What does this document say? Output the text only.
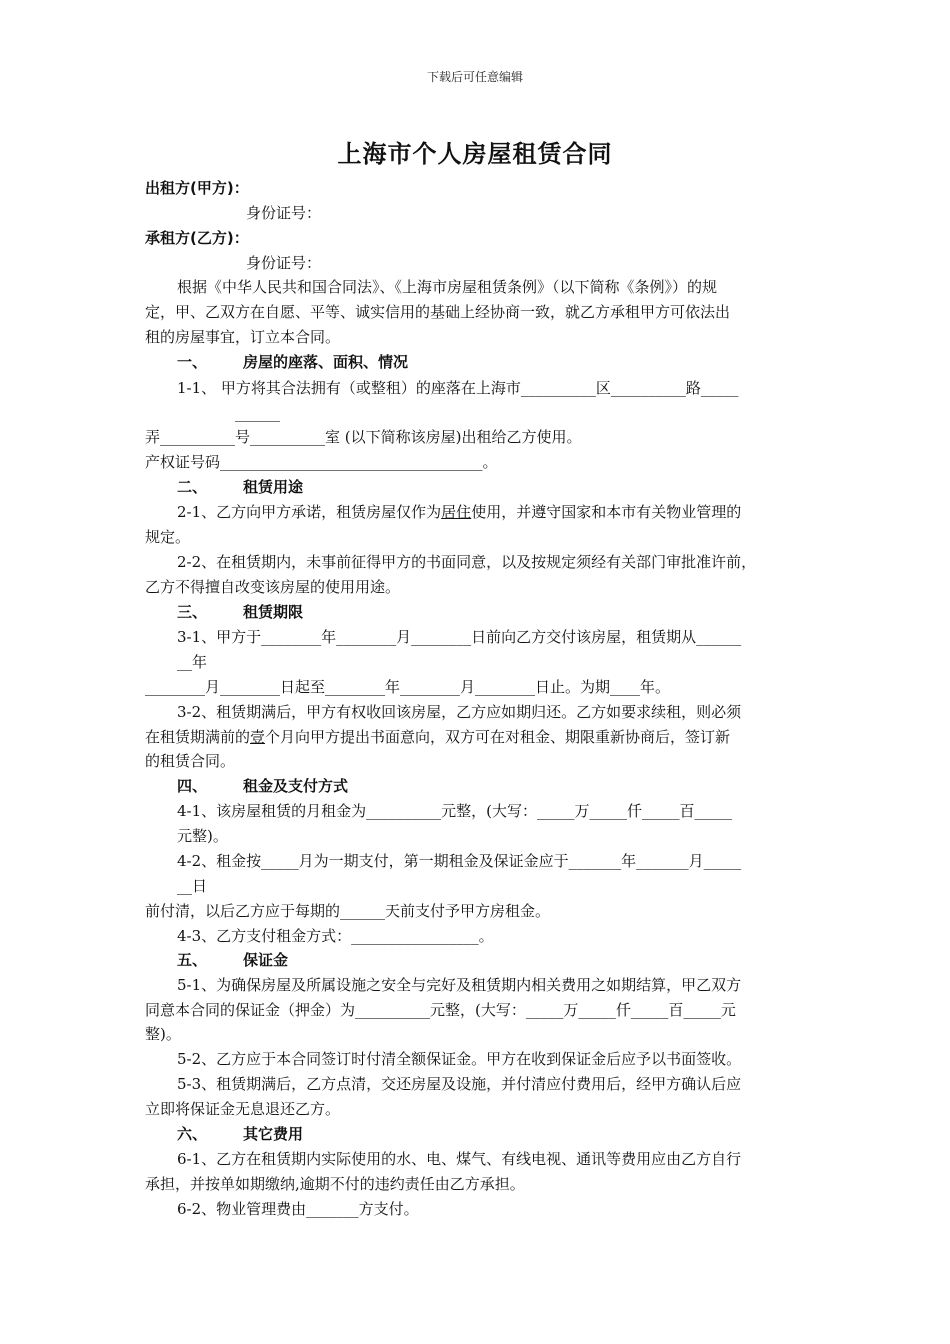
下载后可任意编辑
上海市个人房屋租赁合同
出租方(甲方)：
身份证号：
承租方(乙方)：
身份证号：
根据《中华人民共和国合同法》、《上海市房屋租赁条例》（以下简称《条例》）的规
定，甲、乙双方在自愿、平等、诚实信用的基础上经协商一致，就乙方承租甲方可依法出
租的房屋事宜，订立本合同。
一、 房屋的座落、面积、情况
1-1、 甲方将其合法拥有（或整租）的座落在上海市__________区__________路_____
______
弄__________号__________室 (以下简称该房屋)出租给乙方使用。
产权证号码___________________________________。
二、 租赁用途
2-1、乙方向甲方承诺，租赁房屋仅作为居住使用，并遵守国家和本市有关物业管理的
规定。
2-2、在租赁期内，未事前征得甲方的书面同意，以及按规定须经有关部门审批准许前，
乙方不得擅自改变该房屋的使用用途。
三、 租赁期限
3-1、甲方于________年________月________日前向乙方交付该房屋，租赁期从______
__年
________月________日起至________年________月________日止。为期____年。
3-2、租赁期满后，甲方有权收回该房屋，乙方应如期归还。乙方如要求续租，则必须
在租赁期满前的壹个月向甲方提出书面意向，双方可在对租金、期限重新协商后，签订新
的租赁合同。
四、 租金及支付方式
4-1、该房屋租赁的月租金为__________元整，(大写：_____万_____仟_____百_____
元整)。
4-2、租金按_____月为一期支付，第一期租金及保证金应于_______年_______月_____
__日
前付清，以后乙方应于每期的______天前支付予甲方房租金。
4-3、乙方支付租金方式：_________________。
五、 保证金
5-1、为确保房屋及所属设施之安全与完好及租赁期内相关费用之如期结算，甲乙双方
同意本合同的保证金（押金）为__________元整，(大写：_____万_____仟_____百_____元
整)。
5-2、乙方应于本合同签订时付清全额保证金。甲方在收到保证金后应予以书面签收。
5-3、租赁期满后，乙方点清，交还房屋及设施，并付清应付费用后，经甲方确认后应
立即将保证金无息退还乙方。
六、 其它费用
6-1、乙方在租赁期内实际使用的水、电、煤气、有线电视、通讯等费用应由乙方自行
承担，并按单如期缴纳,逾期不付的违约责任由乙方承担。
6-2、物业管理费由_______方支付。
